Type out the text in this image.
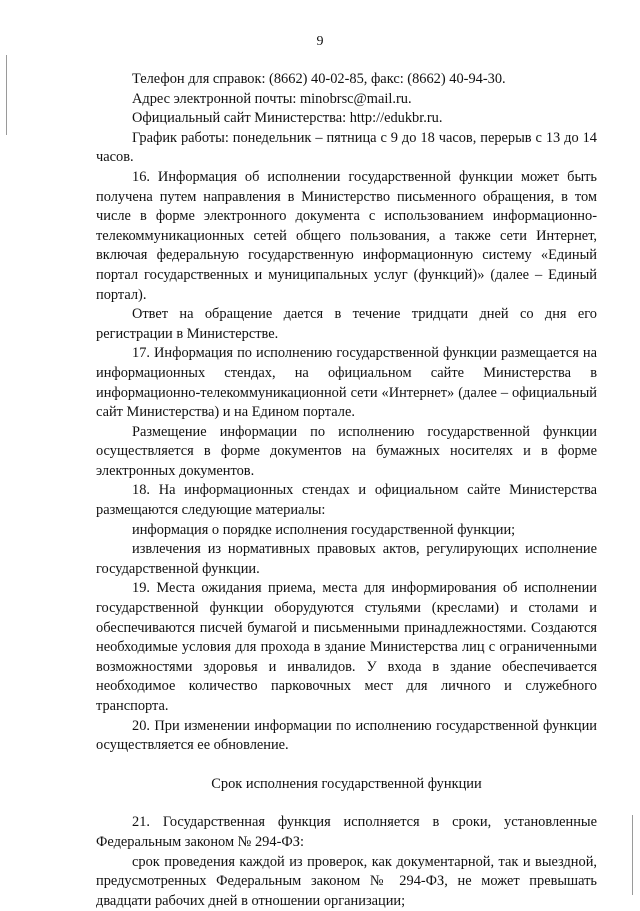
9

Телефон для справок: (8662) 40-02-85, факс: (8662) 40-94-30.

Адрес электронной почты: minobrsc@mail.ru.

Официальный сайт Министерства: http://edukbr.ru.

График работы: понедельник – пятница с 9 до 18 часов, перерыв с 13 до 14 часов.

16. Информация об исполнении государственной функции может быть получена путем направления в Министерство письменного обращения, в том числе в форме электронного документа с использованием информационно-телекоммуникационных сетей общего пользования, а также сети Интернет, включая федеральную государственную информационную систему «Единый портал государственных и муниципальных услуг (функций)» (далее – Единый портал).

Ответ на обращение дается в течение тридцати дней со дня его регистрации в Министерстве.

17. Информация по исполнению государственной функции размещается на информационных стендах, на официальном сайте Министерства в информационно-телекоммуникационной сети «Интернет» (далее – официальный сайт Министерства) и на Едином портале.

Размещение информации по исполнению государственной функции осуществляется в форме документов на бумажных носителях и в форме электронных документов.

18. На информационных стендах и официальном сайте Министерства размещаются следующие материалы:

информация о порядке исполнения государственной функции;

извлечения из нормативных правовых актов, регулирующих исполнение государственной функции.

19. Места ожидания приема, места для информирования об исполнении государственной функции оборудуются стульями (креслами) и столами и обеспечиваются писчей бумагой и письменными принадлежностями. Создаются необходимые условия для прохода в здание Министерства лиц с ограниченными возможностями здоровья и инвалидов. У входа в здание обеспечивается необходимое количество парковочных мест для личного и служебного транспорта.

20. При изменении информации по исполнению государственной функции осуществляется ее обновление.

Срок исполнения государственной функции

21. Государственная функция исполняется в сроки, установленные Федеральным законом № 294-ФЗ:

срок проведения каждой из проверок, как документарной, так и выездной, предусмотренных Федеральным законом № 294-ФЗ, не может превышать двадцати рабочих дней в отношении организации;
